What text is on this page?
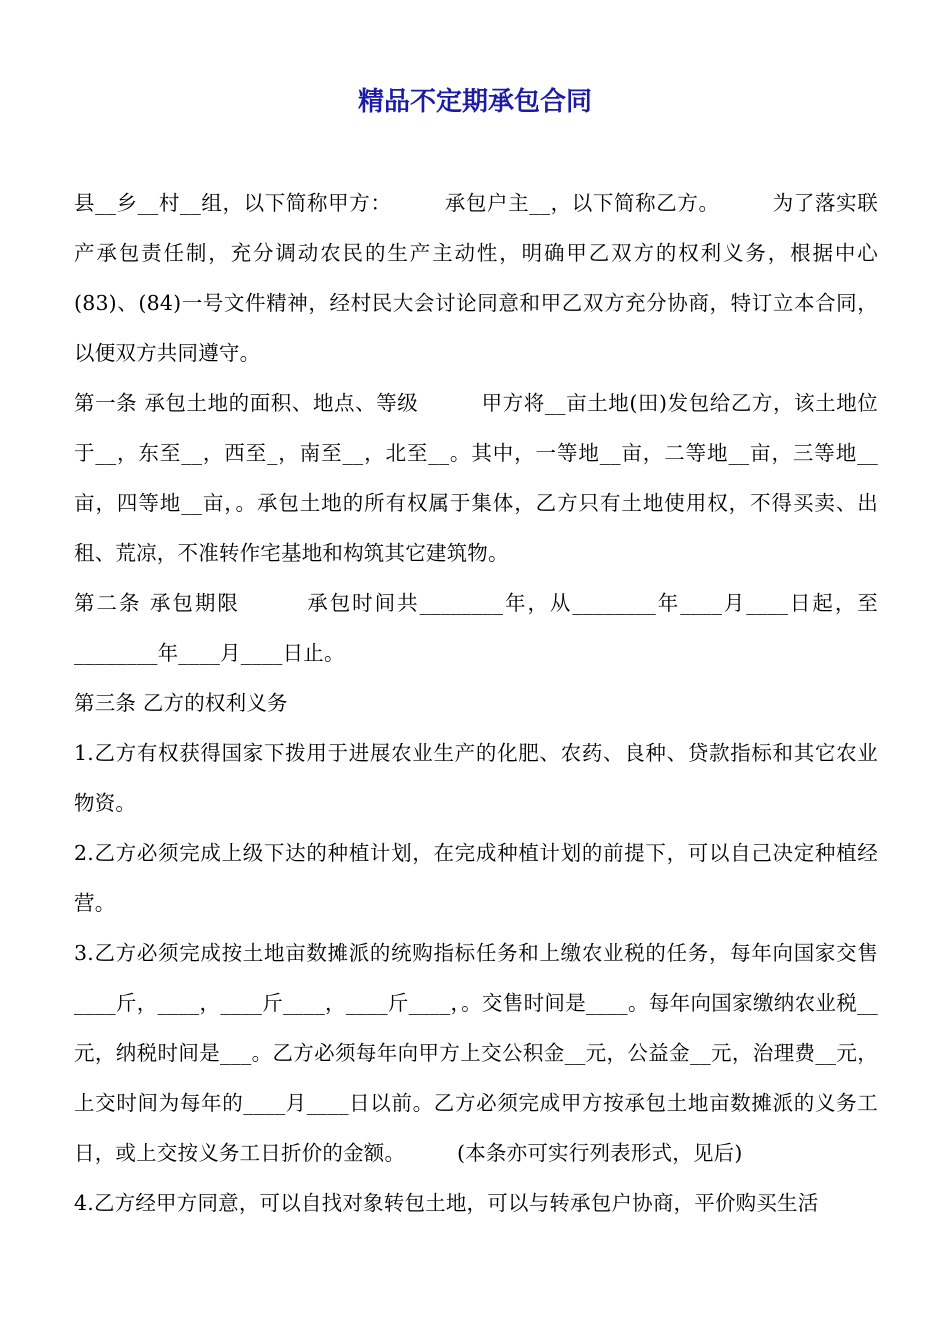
精品不定期承包合同

县__乡__村__组，以下简称甲方：　　　承包户主__，以下简称乙方。　　　为了落实联产承包责任制，充分调动农民的生产主动性，明确甲乙双方的权利义务，根据中心(83)、(84)一号文件精神，经村民大会讨论同意和甲乙双方充分协商，特订立本合同，以便双方共同遵守。

第一条 承包土地的面积、地点、等级　　　甲方将__亩土地(田)发包给乙方，该土地位于__，东至__，西至_，南至__，北至__。其中，一等地__亩，二等地__亩，三等地__亩，四等地__亩，。承包土地的所有权属于集体，乙方只有土地使用权，不得买卖、出租、荒凉，不准转作宅基地和构筑其它建筑物。

第二条 承包期限　　　承包时间共________年，从________年____月____日起，至________年____月____日止。

第三条 乙方的权利义务

1.乙方有权获得国家下拨用于进展农业生产的化肥、农药、良种、贷款指标和其它农业物资。

2.乙方必须完成上级下达的种植计划，在完成种植计划的前提下，可以自己决定种植经营。

3.乙方必须完成按土地亩数摊派的统购指标任务和上缴农业税的任务，每年向国家交售____斤，____，____斤____，____斤____，。交售时间是____。每年向国家缴纳农业税__元，纳税时间是___。乙方必须每年向甲方上交公积金__元，公益金__元，治理费__元，上交时间为每年的____月____日以前。乙方必须完成甲方按承包土地亩数摊派的义务工日，或上交按义务工日折价的金额。　　　(本条亦可实行列表形式，见后)

4.乙方经甲方同意，可以自找对象转包土地，可以与转承包户协商，平价购买生活
